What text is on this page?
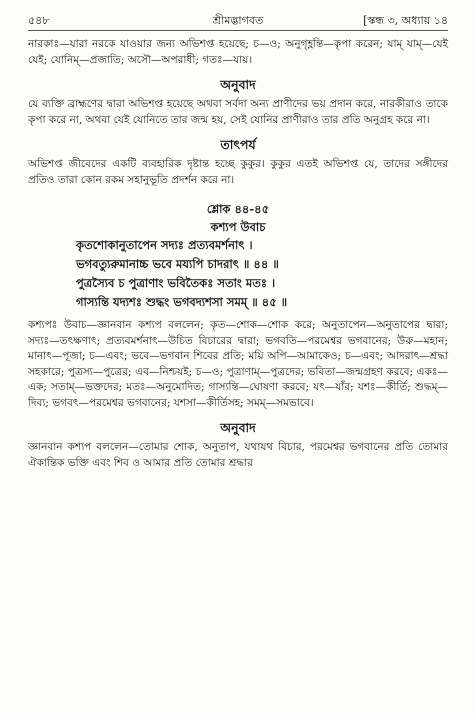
৫৪৮	শ্রীমদ্ভাগবত	[স্কন্ধ ৩, অধ্যায় ১৪

নারকাঃ—যারা নরকে যাওয়ার জন্য অভিশপ্ত হয়েছে; চ—ও; অনুগৃহ্ণন্তি—কৃপা করেন; যাম্ যাম্—যেই যেই; যোনিম্—প্রজাতি; অসৌ—অপরাধী; গতঃ—যায়।

অনুবাদ

যে ব্যক্তি ব্রাহ্মণের দ্বারা অভিশপ্ত হয়েছে অথবা সর্বদা অন্য প্রাণীদের ভয় প্রদান করে, নারকীরাও তাকে কৃপা করে না, অথবা যেই যোনিতে তার জন্ম হয়, সেই যোনির প্রাণীরাও তার প্রতি অনুগ্রহ করে না।

তাৎপর্য

অভিশপ্ত জীবেদের একটি ব্যবহারিক দৃষ্টান্ত হচ্ছে কুকুর। কুকুর এতই অভিশপ্ত যে, তাদের সঙ্গীদের প্রতিও তারা কোন রকম সহানুভূতি প্রদর্শন করে না।

শ্লোক ৪৪-৪৫
কশ্যপ উবাচ
কৃতশোকানুতাপেন সদ্যঃ প্রত্যবমর্শনাৎ ।
ভগবত্যুরুমানাচ্চ ভবে ময্যপি চাদরাৎ ॥ ৪৪ ॥
পুত্রস্যৈব চ পুত্রাণাং ভবিতৈকঃ সতাং মতঃ ।
গাস্যন্তি যদ্যশঃ শুদ্ধং ভগবদ্যশসা সমম্ ॥ ৪৫ ॥

কশ্যপঃ উবাচ—জ্ঞানবান কশ্যপ বললেন; কৃত—শোক—শোক করে; অনুতাপেন—অনুতাপের দ্বারা; সদ্যঃ—তৎক্ষণাৎ; প্রত্যবমর্শনাৎ—উচিত বিচারের দ্বারা; ভগবতি—পরমেশ্বর ভগবানের; উরু—মহান; মানাৎ—পূজা; চ—এবং; ভবে—ভগবান শিবের প্রতি; ময়ি অপি—আমাকেও; চ—এবং; আদরাৎ—শ্রদ্ধা সহকারে; পুত্রস্য—পুত্রের; এব—নিশ্চয়ই; চ—ও; পুত্রাণাম্—পুত্রদের; ভবিতা—জন্মগ্রহণ করবে; একঃ—এক; সতাম্—ভক্তদের; মতঃ—অনুমোদিত; গাস্যন্তি—ঘোষণা করবে; যৎ—যাঁর; যশঃ—কীর্তি; শুদ্ধম্—দিব্য; ভগবৎ—পরমেশ্বর ভগবানের; যশসা—কীর্তিসহ; সমম্—সমভাবে।

অনুবাদ

জ্ঞানবান কশ্যপ বললেন—তোমার শোক, অনুতাপ, যথাযথ বিচার, পরমেশ্বর ভগবানের প্রতি তোমার ঐকান্তিক ভক্তি এবং শিব ও আমার প্রতি তোমার শ্রদ্ধার
